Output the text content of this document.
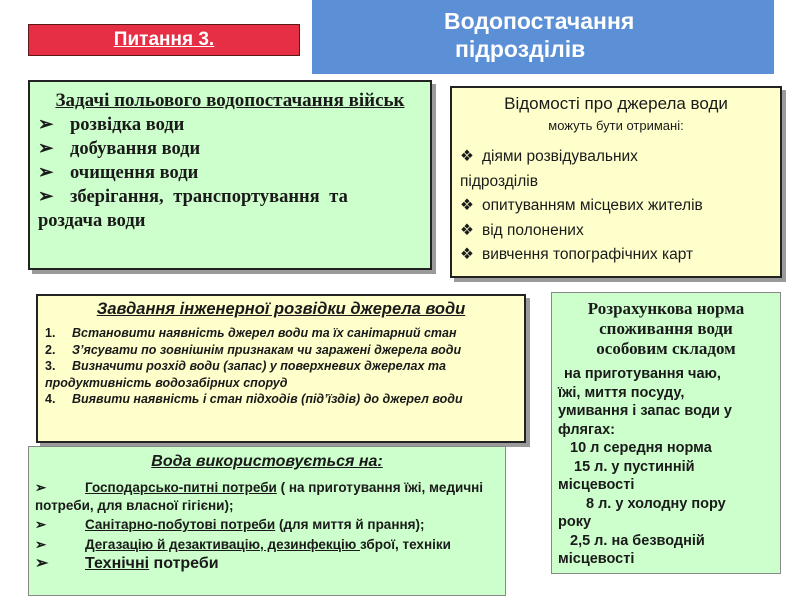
Питання 3.
Водопостачання
підрозділів
Задачі польового водопостачання військ
➢ розвідка води
➢ добування води
➢ очищення води
➢ зберігання, транспортування та
роздача води
Відомості про джерела води
можуть бути отримані:
❖ діями розвідувальних підрозділів
❖ опитуванням місцевих жителів
❖ від полонених
❖ вивчення топографічних карт
Завдання інженерної розвідки джерела води
1. Встановити наявність джерел води та їх санітарний стан
2. З’ясувати по зовнішнім признакам чи заражені джерела води
3. Визначити розхід води (запас) у поверхневих джерелах та продуктивність водозабірних споруд
4. Виявити наявність і стан підходів (під’їздів) до джерел води
Вода використовується на:
➢	Господарсько-питні потреби ( на приготування їжі, медичні потреби, для власної гігієни);
➢	Санітарно-побутові потреби (для миття й прання);
➢	Дегазацію й дезактивацію, дезинфекцію зброї, техніки
➢ Технічні потреби
Розрахункова норма
споживання води
особовим складом
на приготування чаю,
їжі, миття посуду,
умивання і запас води у
флягах:
10 л середня норма
15 л. у пустинній
місцевості
8 л. у холодну пору
року
2,5 л. на безводній
місцевості
